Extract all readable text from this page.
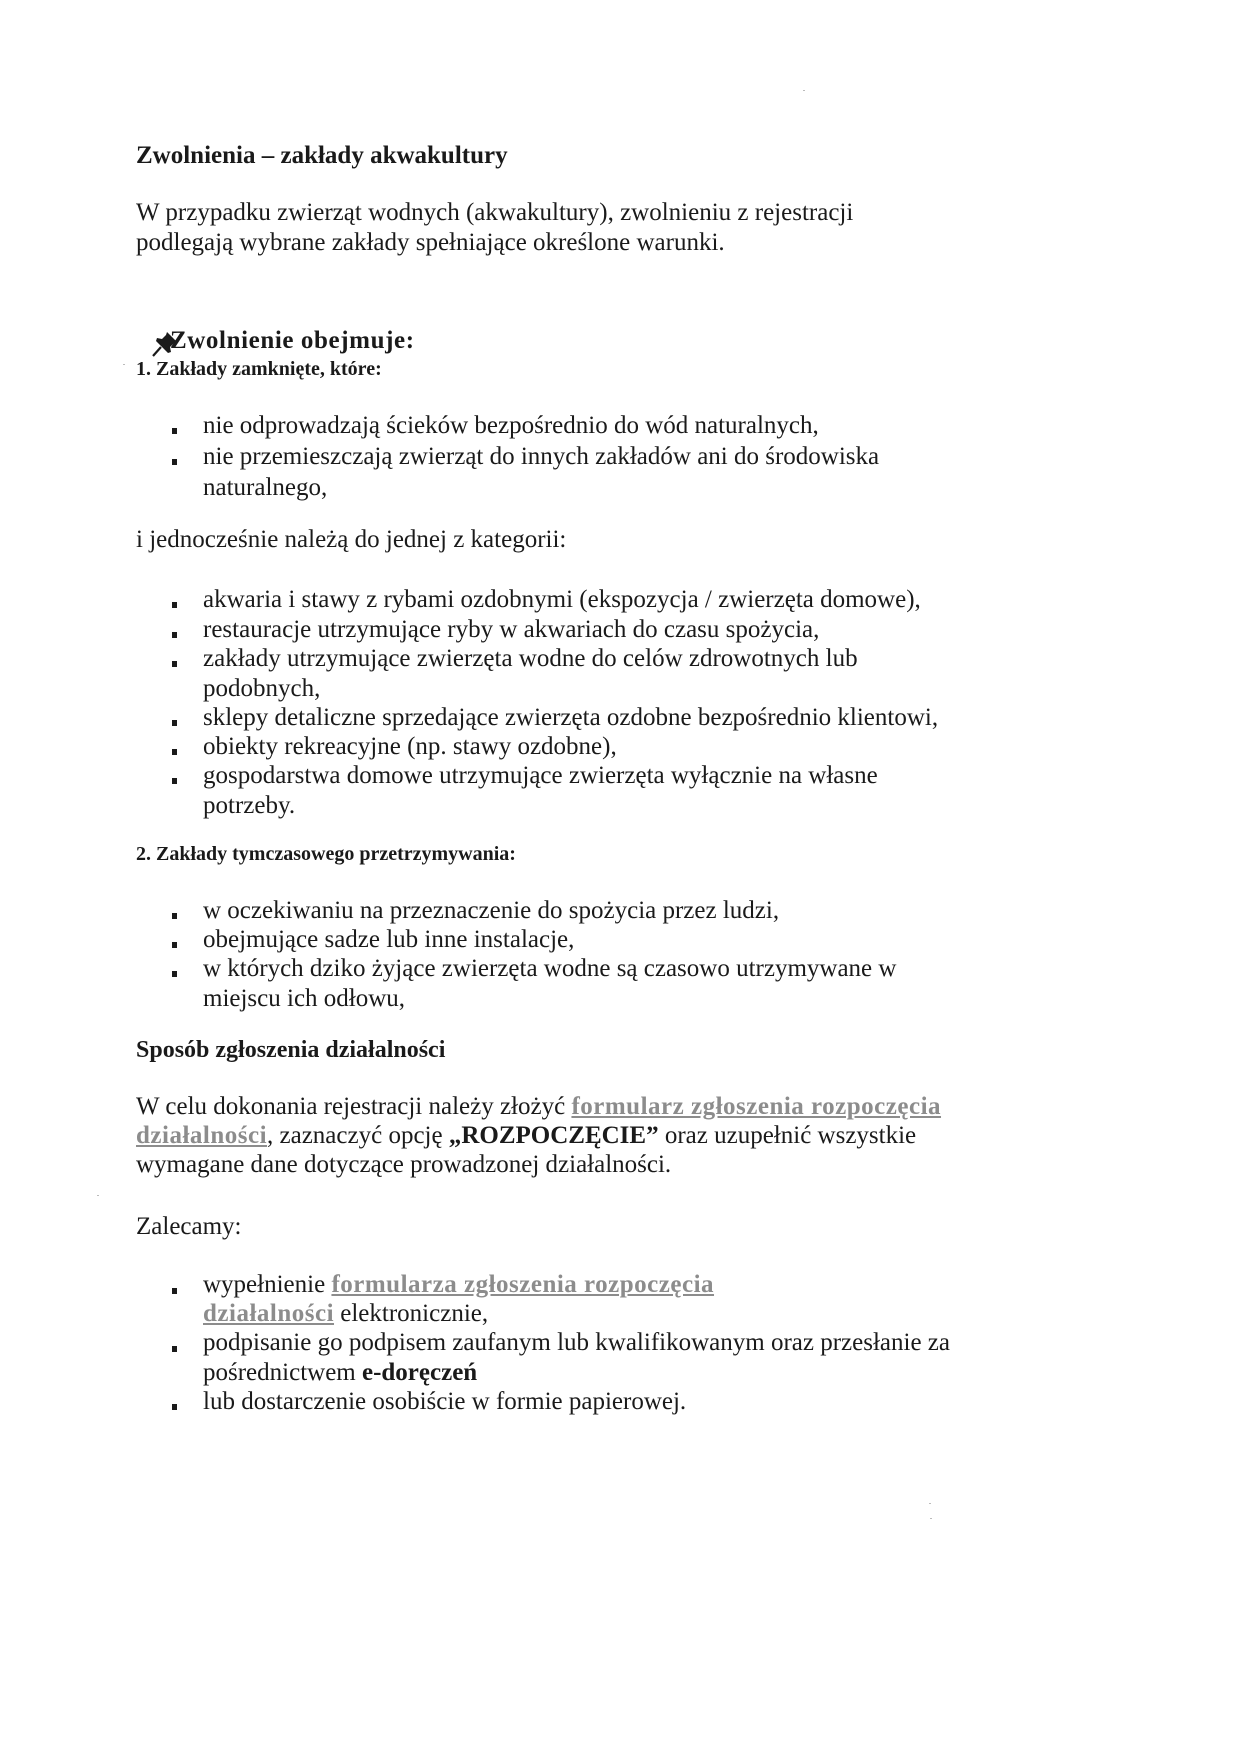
Zwolnienia – zakłady akwakultury
W przypadku zwierząt wodnych (akwakultury), zwolnieniu z rejestracji
podlegają wybrane zakłady spełniające określone warunki.
Zwolnienie obejmuje:
1. Zakłady zamknięte, które:
nie odprowadzają ścieków bezpośrednio do wód naturalnych,
nie przemieszczają zwierząt do innych zakładów ani do środowiska
naturalnego,
i jednocześnie należą do jednej z kategorii:
akwaria i stawy z rybami ozdobnymi (ekspozycja / zwierzęta domowe),
restauracje utrzymujące ryby w akwariach do czasu spożycia,
zakłady utrzymujące zwierzęta wodne do celów zdrowotnych lub
podobnych,
sklepy detaliczne sprzedające zwierzęta ozdobne bezpośrednio klientowi,
obiekty rekreacyjne (np. stawy ozdobne),
gospodarstwa domowe utrzymujące zwierzęta wyłącznie na własne
potrzeby.
2. Zakłady tymczasowego przetrzymywania:
w oczekiwaniu na przeznaczenie do spożycia przez ludzi,
obejmujące sadze lub inne instalacje,
w których dziko żyjące zwierzęta wodne są czasowo utrzymywane w
miejscu ich odłowu,
Sposób zgłoszenia działalności
W celu dokonania rejestracji należy złożyć formularz zgłoszenia rozpoczęcia
działalności, zaznaczyć opcję „ROZPOCZĘCIE” oraz uzupełnić wszystkie
wymagane dane dotyczące prowadzonej działalności.
Zalecamy:
wypełnienie formularza zgłoszenia rozpoczęcia
działalności elektronicznie,
podpisanie go podpisem zaufanym lub kwalifikowanym oraz przesłanie za
pośrednictwem e-doręczeń
lub dostarczenie osobiście w formie papierowej.
